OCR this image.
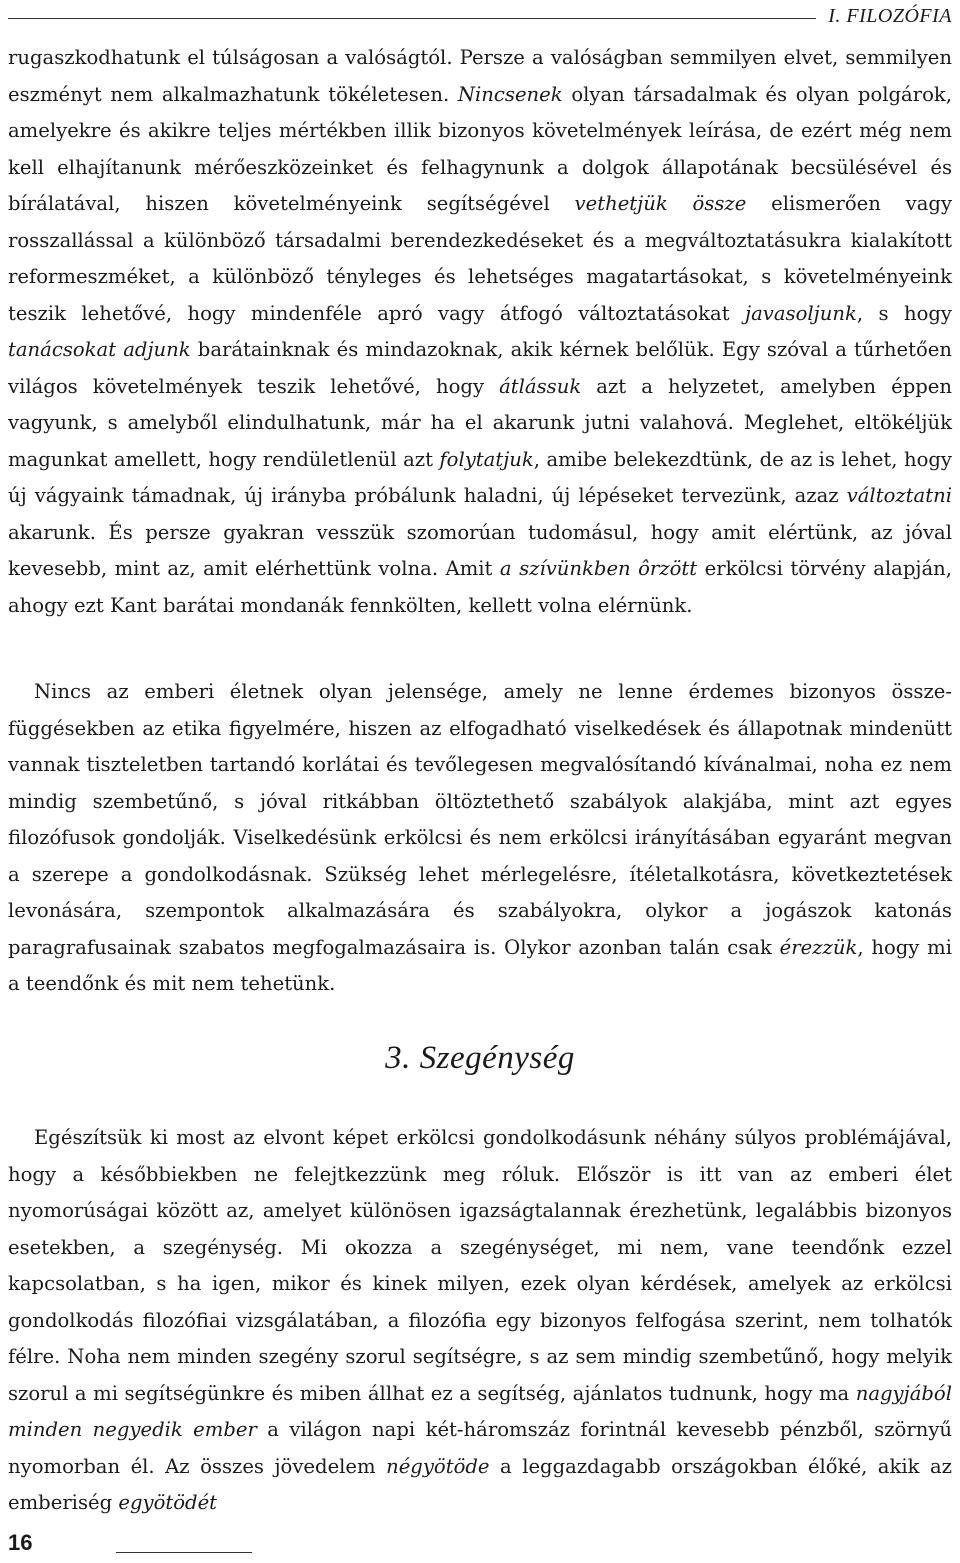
I. FILOZÓFIA

rugaszkodhatunk el túlságosan a valóságtól. Persze a valóságban semmilyen elvet, semmilyen eszményt nem alkalmazhatunk tökéletesen. Nincsenek olyan társadalmak és olyan polgárok, amelyekre és akikre teljes mértékben illik bizonyos követelmények leírása, de ezért még nem kell elhajítanunk mérőeszközeinket és felhagynunk a dolgok állapotának becsülésével és bírálatával, hiszen követelményeink segítségével vethetjük össze elismerően vagy rosszallással a különböző társadalmi berendezkedéseket és a megváltoztatásukra kialakított reformeszméket, a különböző tényleges és lehetséges magatartásokat, s követelményeink teszik lehetővé, hogy mindenféle apró vagy átfogó változtatásokat javasoljunk, s hogy tanácsokat adjunk barátainknak és mindazoknak, akik kérnek belőlük. Egy szóval a tűrhetően világos követelmények teszik lehetővé, hogy átlássuk azt a helyzetet, amelyben éppen vagyunk, s amelyből elindulhatunk, már ha el akarunk jutni valahová. Meglehet, eltökéljük magunkat amellett, hogy rendületlenül azt folytatjuk, amibe belekezdtünk, de az is lehet, hogy új vágyaink támadnak, új irányba próbálunk haladni, új lépéseket tervezünk, azaz változtatni akarunk. És persze gyakran vesszük szomorúan tudomásul, hogy amit elértünk, az jóval kevesebb, mint az, amit elérhettünk volna. Amit a szívünkben ôrzött erkölcsi törvény alapján, ahogy ezt Kant barátai mondanák fennkölten, kellett volna elérnünk.

Nincs az emberi életnek olyan jelensége, amely ne lenne érdemes bizonyos összefüggésekben az etika figyelmére, hiszen az elfogadható viselkedések és állapotnak mindenütt vannak tiszteletben tartandó korlátai és tevőlegesen megvalósítandó kívánalmai, noha ez nem mindig szembetűnő, s jóval ritkábban öltöztethető szabályok alakjába, mint azt egyes filozófusok gondolják. Viselkedésünk erkölcsi és nem erkölcsi irányításában egyaránt megvan a szerepe a gondolkodásnak. Szükség lehet mérlegelésre, ítéletalkotásra, következtetések levonására, szempontok alkalmazására és szabályokra, olykor a jogászok katonás paragrafusainak szabatos megfogalmazásaira is. Olykor azonban talán csak érezzük, hogy mi a teendőnk és mit nem tehetünk.

3. Szegénység

Egészítsük ki most az elvont képet erkölcsi gondolkodásunk néhány súlyos problémájával, hogy a későbbiekben ne felejtkezzünk meg róluk. Először is itt van az emberi élet nyomorúságai között az, amelyet különösen igazságtalannak érezhetünk, legalábbis bizonyos esetekben, a szegénység. Mi okozza a szegénységet, mi nem, vane teendőnk ezzel kapcsolatban, s ha igen, mikor és kinek milyen, ezek olyan kérdések, amelyek az erkölcsi gondolkodás filozófiai vizsgálatában, a filozófia egy bizonyos felfogása szerint, nem tolhatók félre. Noha nem minden szegény szorul segítségre, s az sem mindig szembetűnő, hogy melyik szorul a mi segítségünkre és miben állhat ez a segítség, ajánlatos tudnunk, hogy ma nagyjából minden negyedik ember a világon napi két-háromszáz forintnál kevesebb pénzből, szörnyű nyomorban él. Az összes jövedelem négyötöde a leggazdagabb országokban élőké, akik az emberiség egyötödét

16
